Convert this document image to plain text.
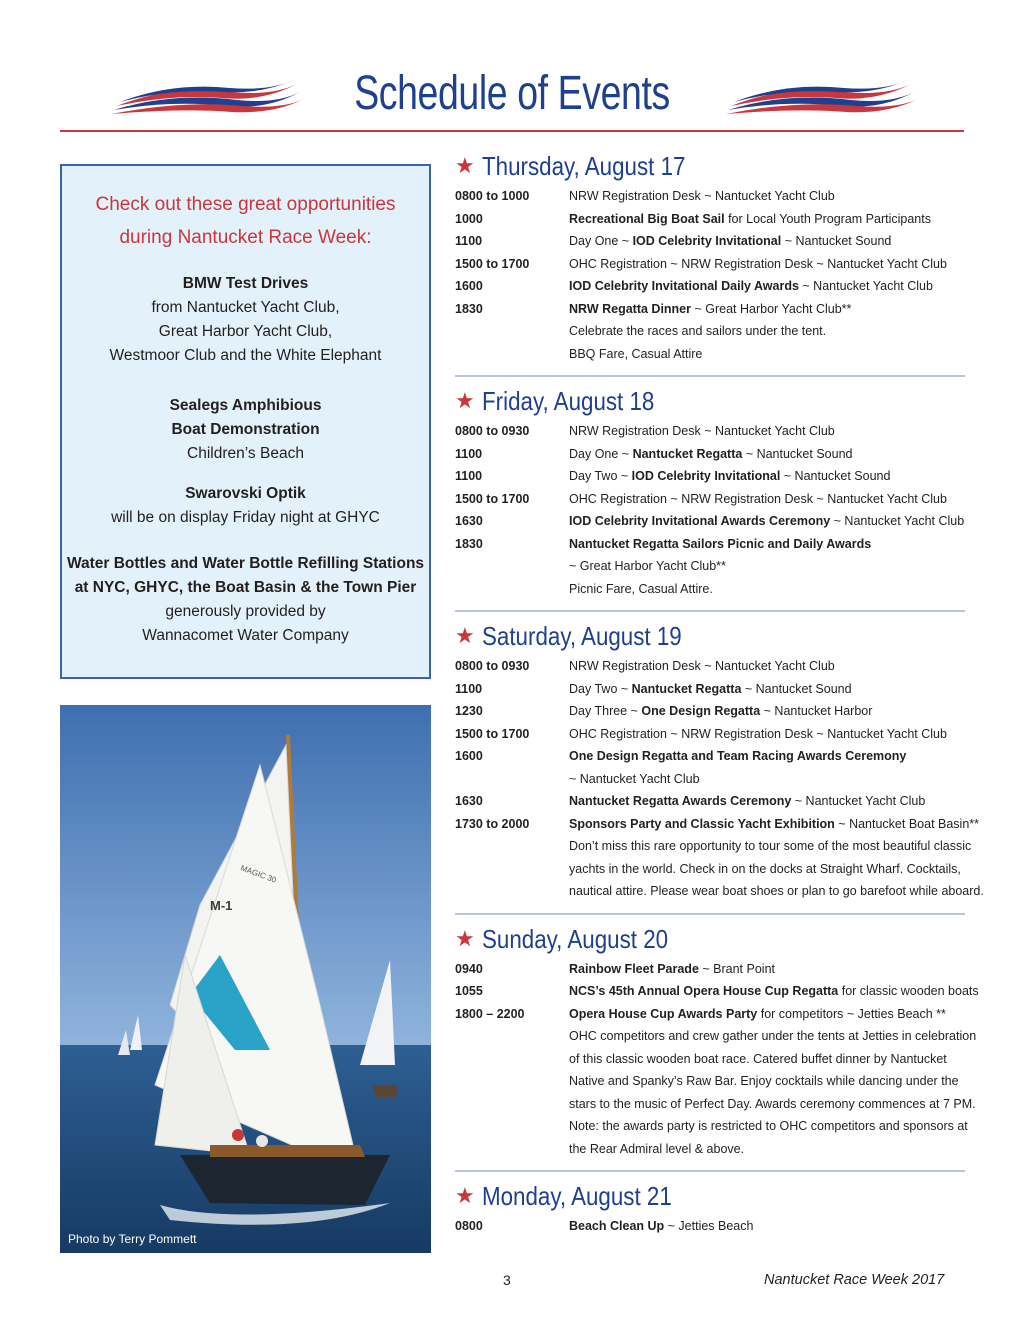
Schedule of Events
Check out these great opportunities
during Nantucket Race Week:
BMW Test Drives
from Nantucket Yacht Club,
Great Harbor Yacht Club,
Westmoor Club and the White Elephant
Sealegs Amphibious
Boat Demonstration
Children’s Beach
Swarovski Optik
will be on display Friday night at GHYC
Water Bottles and Water Bottle Refilling Stations
at NYC, GHYC, the Boat Basin & the Town Pier
generously provided by
Wannacomet Water Company
M-1
MAGIC 30
Photo by Terry Pommett
★ Thursday, August 17
0800 to 1000	NRW Registration Desk ~ Nantucket Yacht Club
1000	Recreational Big Boat Sail for Local Youth Program Participants
1100	Day One ~ IOD Celebrity Invitational ~ Nantucket Sound
1500 to 1700	OHC Registration ~ NRW Registration Desk ~ Nantucket Yacht Club
1600	IOD Celebrity Invitational Daily Awards ~ Nantucket Yacht Club
1830	NRW Regatta Dinner ~ Great Harbor Yacht Club**
Celebrate the races and sailors under the tent.
BBQ Fare, Casual Attire
★ Friday, August 18
0800 to 0930	NRW Registration Desk ~ Nantucket Yacht Club
1100	Day One ~ Nantucket Regatta ~ Nantucket Sound
1100	Day Two ~ IOD Celebrity Invitational ~ Nantucket Sound
1500 to 1700	OHC Registration ~ NRW Registration Desk ~ Nantucket Yacht Club
1630	IOD Celebrity Invitational Awards Ceremony ~ Nantucket Yacht Club
1830	Nantucket Regatta Sailors Picnic and Daily Awards
~ Great Harbor Yacht Club**
Picnic Fare, Casual Attire.
★ Saturday, August 19
0800 to 0930	NRW Registration Desk ~ Nantucket Yacht Club
1100	Day Two ~ Nantucket Regatta ~ Nantucket Sound
1230	Day Three ~ One Design Regatta ~ Nantucket Harbor
1500 to 1700	OHC Registration ~ NRW Registration Desk ~ Nantucket Yacht Club
1600	One Design Regatta and Team Racing Awards Ceremony
~ Nantucket Yacht Club
1630	Nantucket Regatta Awards Ceremony ~ Nantucket Yacht Club
1730 to 2000	Sponsors Party and Classic Yacht Exhibition ~ Nantucket Boat Basin**
Don’t miss this rare opportunity to tour some of the most beautiful classic
yachts in the world. Check in on the docks at Straight Wharf. Cocktails,
nautical attire. Please wear boat shoes or plan to go barefoot while aboard.
★ Sunday, August 20
0940	Rainbow Fleet Parade ~ Brant Point
1055	NCS’s 45th Annual Opera House Cup Regatta for classic wooden boats
1800 – 2200	Opera House Cup Awards Party for competitors ~ Jetties Beach **
OHC competitors and crew gather under the tents at Jetties in celebration
of this classic wooden boat race. Catered buffet dinner by Nantucket
Native and Spanky’s Raw Bar. Enjoy cocktails while dancing under the
stars to the music of Perfect Day. Awards ceremony commences at 7 PM.
Note: the awards party is restricted to OHC competitors and sponsors at
the Rear Admiral level & above.
★ Monday, August 21
0800	Beach Clean Up ~ Jetties Beach
3	Nantucket Race Week 2017
